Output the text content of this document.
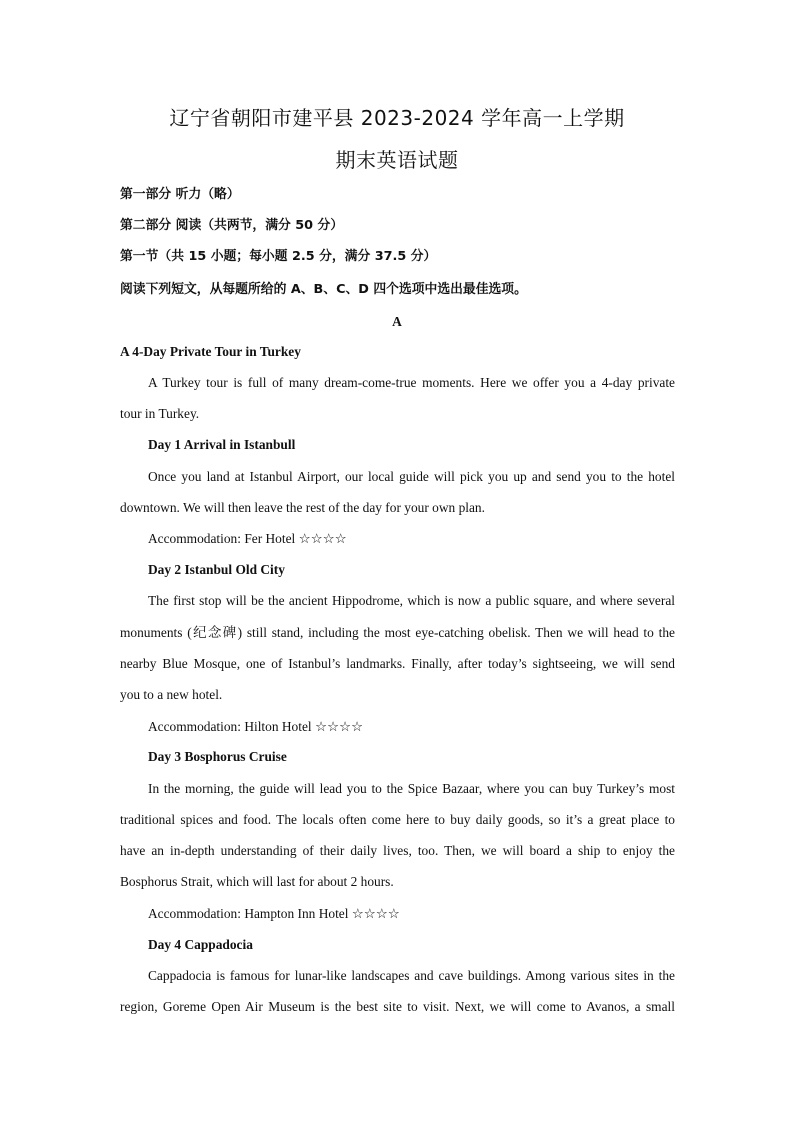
辽宁省朝阳市建平县 2023-2024 学年高一上学期
期末英语试题
第一部分 听力（略）
第二部分 阅读（共两节，满分 50 分）
第一节（共 15 小题；每小题 2.5 分，满分 37.5 分）
阅读下列短文，从每题所给的 A、B、C、D 四个选项中选出最佳选项。
A
A 4-Day Private Tour in Turkey
A Turkey tour is full of many dream-come-true moments. Here we offer you a 4-day private
tour in Turkey.
Day 1 Arrival in Istanbull
Once you land at Istanbul Airport, our local guide will pick you up and send you to the hotel
downtown. We will then leave the rest of the day for your own plan.
Accommodation: Fer Hotel ☆☆☆☆
Day 2 Istanbul Old City
The first stop will be the ancient Hippodrome, which is now a public square, and where several
monuments (纪念碑) still stand, including the most eye-catching obelisk. Then we will head to the
nearby Blue Mosque, one of Istanbul’s landmarks. Finally, after today’s sightseeing, we will send
you to a new hotel.
Accommodation: Hilton Hotel ☆☆☆☆
Day 3 Bosphorus Cruise
In the morning, the guide will lead you to the Spice Bazaar, where you can buy Turkey’s most
traditional spices and food. The locals often come here to buy daily goods, so it’s a great place to
have an in-depth understanding of their daily lives, too. Then, we will board a ship to enjoy the
Bosphorus Strait, which will last for about 2 hours.
Accommodation: Hampton Inn Hotel ☆☆☆☆
Day 4 Cappadocia
Cappadocia is famous for lunar-like landscapes and cave buildings. Among various sites in the
region, Goreme Open Air Museum is the best site to visit. Next, we will come to Avanos, a small
